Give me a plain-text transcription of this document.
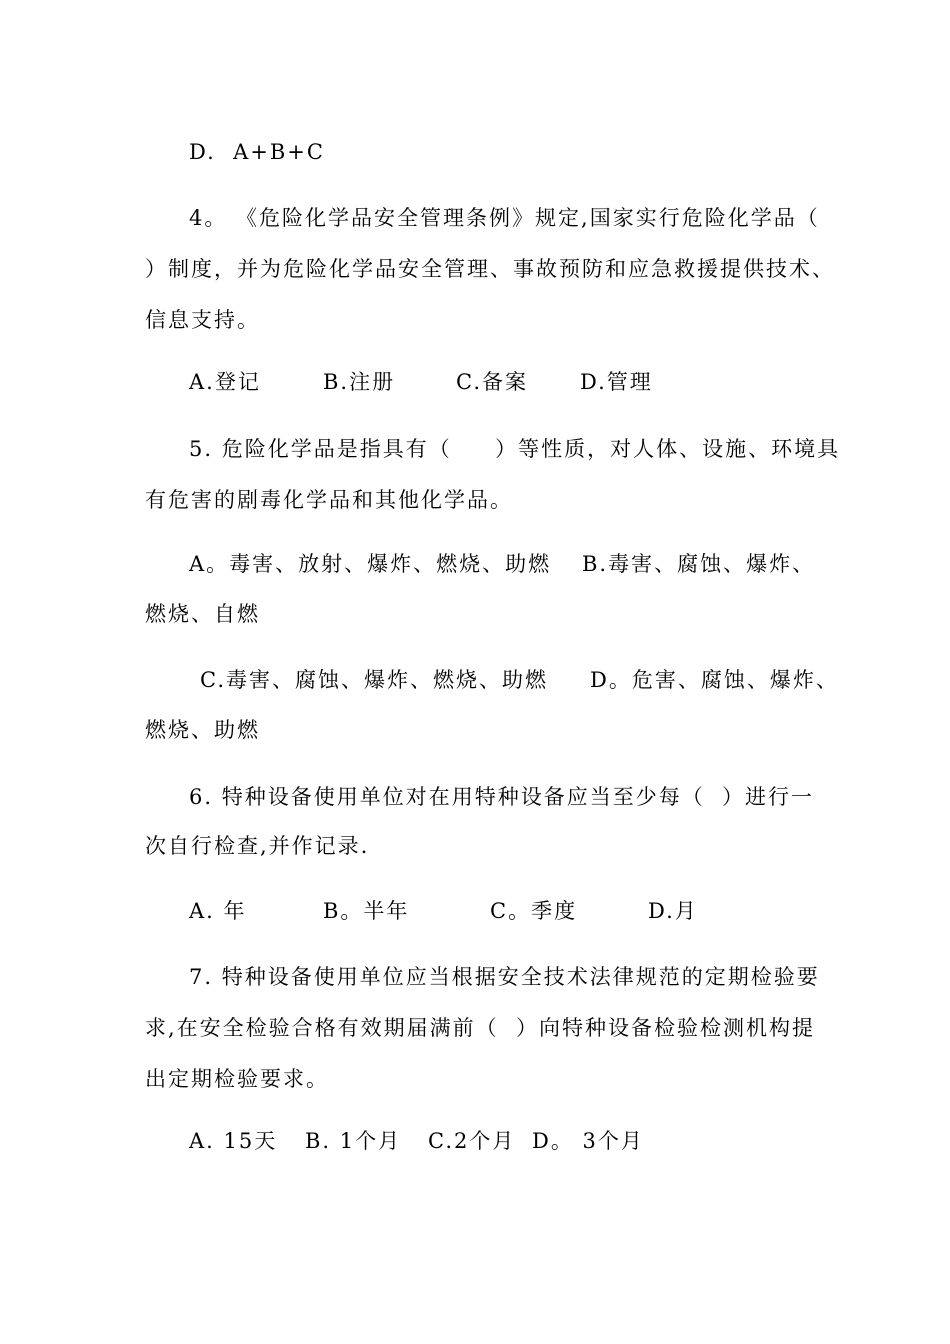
D.  A+B+C
4。 《危险化学品安全管理条例》规定,国家实行危险化学品（
）制度，并为危险化学品安全管理、事故预防和应急救援提供技术、
信息支持。
A.登记	B.注册	C.备案 D.管理
5. 危险化学品是指具有（     ）等性质，对人体、设施、环境具
有危害的剧毒化学品和其他化学品。
A。毒害、放射、爆炸、燃烧、助燃 B.毒害、腐蚀、爆炸、
燃烧、自燃
C.毒害、腐蚀、爆炸、燃烧、助燃 D。危害、腐蚀、爆炸、
燃烧、助燃
6. 特种设备使用单位对在用特种设备应当至少每（  ）进行一
次自行检查,并作记录.
A. 年	B。半年	C。季度	D.月
7. 特种设备使用单位应当根据安全技术法律规范的定期检验要
求,在安全检验合格有效期届满前（  ）向特种设备检验检测机构提
出定期检验要求。
A. 15天 B. 1个月 C.2个月 D。 3个月
